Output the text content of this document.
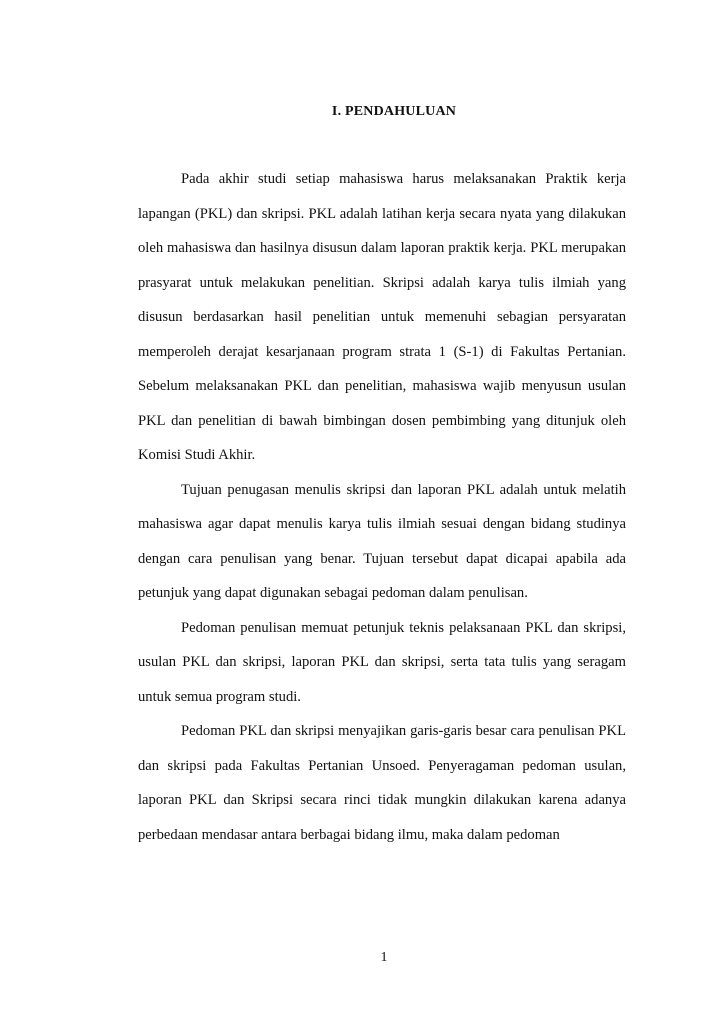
I. PENDAHULUAN

Pada akhir studi setiap mahasiswa harus melaksanakan Praktik kerja lapangan (PKL) dan skripsi. PKL adalah latihan kerja secara nyata yang dilakukan oleh mahasiswa dan hasilnya disusun dalam laporan praktik kerja. PKL merupakan prasyarat untuk melakukan penelitian. Skripsi adalah karya tulis ilmiah yang disusun berdasarkan hasil penelitian untuk memenuhi sebagian persyaratan memperoleh derajat kesarjanaan program strata 1 (S-1) di Fakultas Pertanian. Sebelum melaksanakan PKL dan penelitian, mahasiswa wajib menyusun usulan PKL dan penelitian di bawah bimbingan dosen pembimbing yang ditunjuk oleh Komisi Studi Akhir.

Tujuan penugasan menulis skripsi dan laporan PKL adalah untuk melatih mahasiswa agar dapat menulis karya tulis ilmiah sesuai dengan bidang studinya dengan cara penulisan yang benar. Tujuan tersebut dapat dicapai apabila ada petunjuk yang dapat digunakan sebagai pedoman dalam penulisan.

Pedoman penulisan memuat petunjuk teknis pelaksanaan PKL dan skripsi, usulan PKL dan skripsi, laporan PKL dan skripsi, serta tata tulis yang seragam untuk semua program studi.

Pedoman PKL dan skripsi menyajikan garis-garis besar cara penulisan PKL dan skripsi pada Fakultas Pertanian Unsoed. Penyeragaman pedoman usulan, laporan PKL dan Skripsi secara rinci tidak mungkin dilakukan karena adanya perbedaan mendasar antara berbagai bidang ilmu, maka dalam pedoman

1
